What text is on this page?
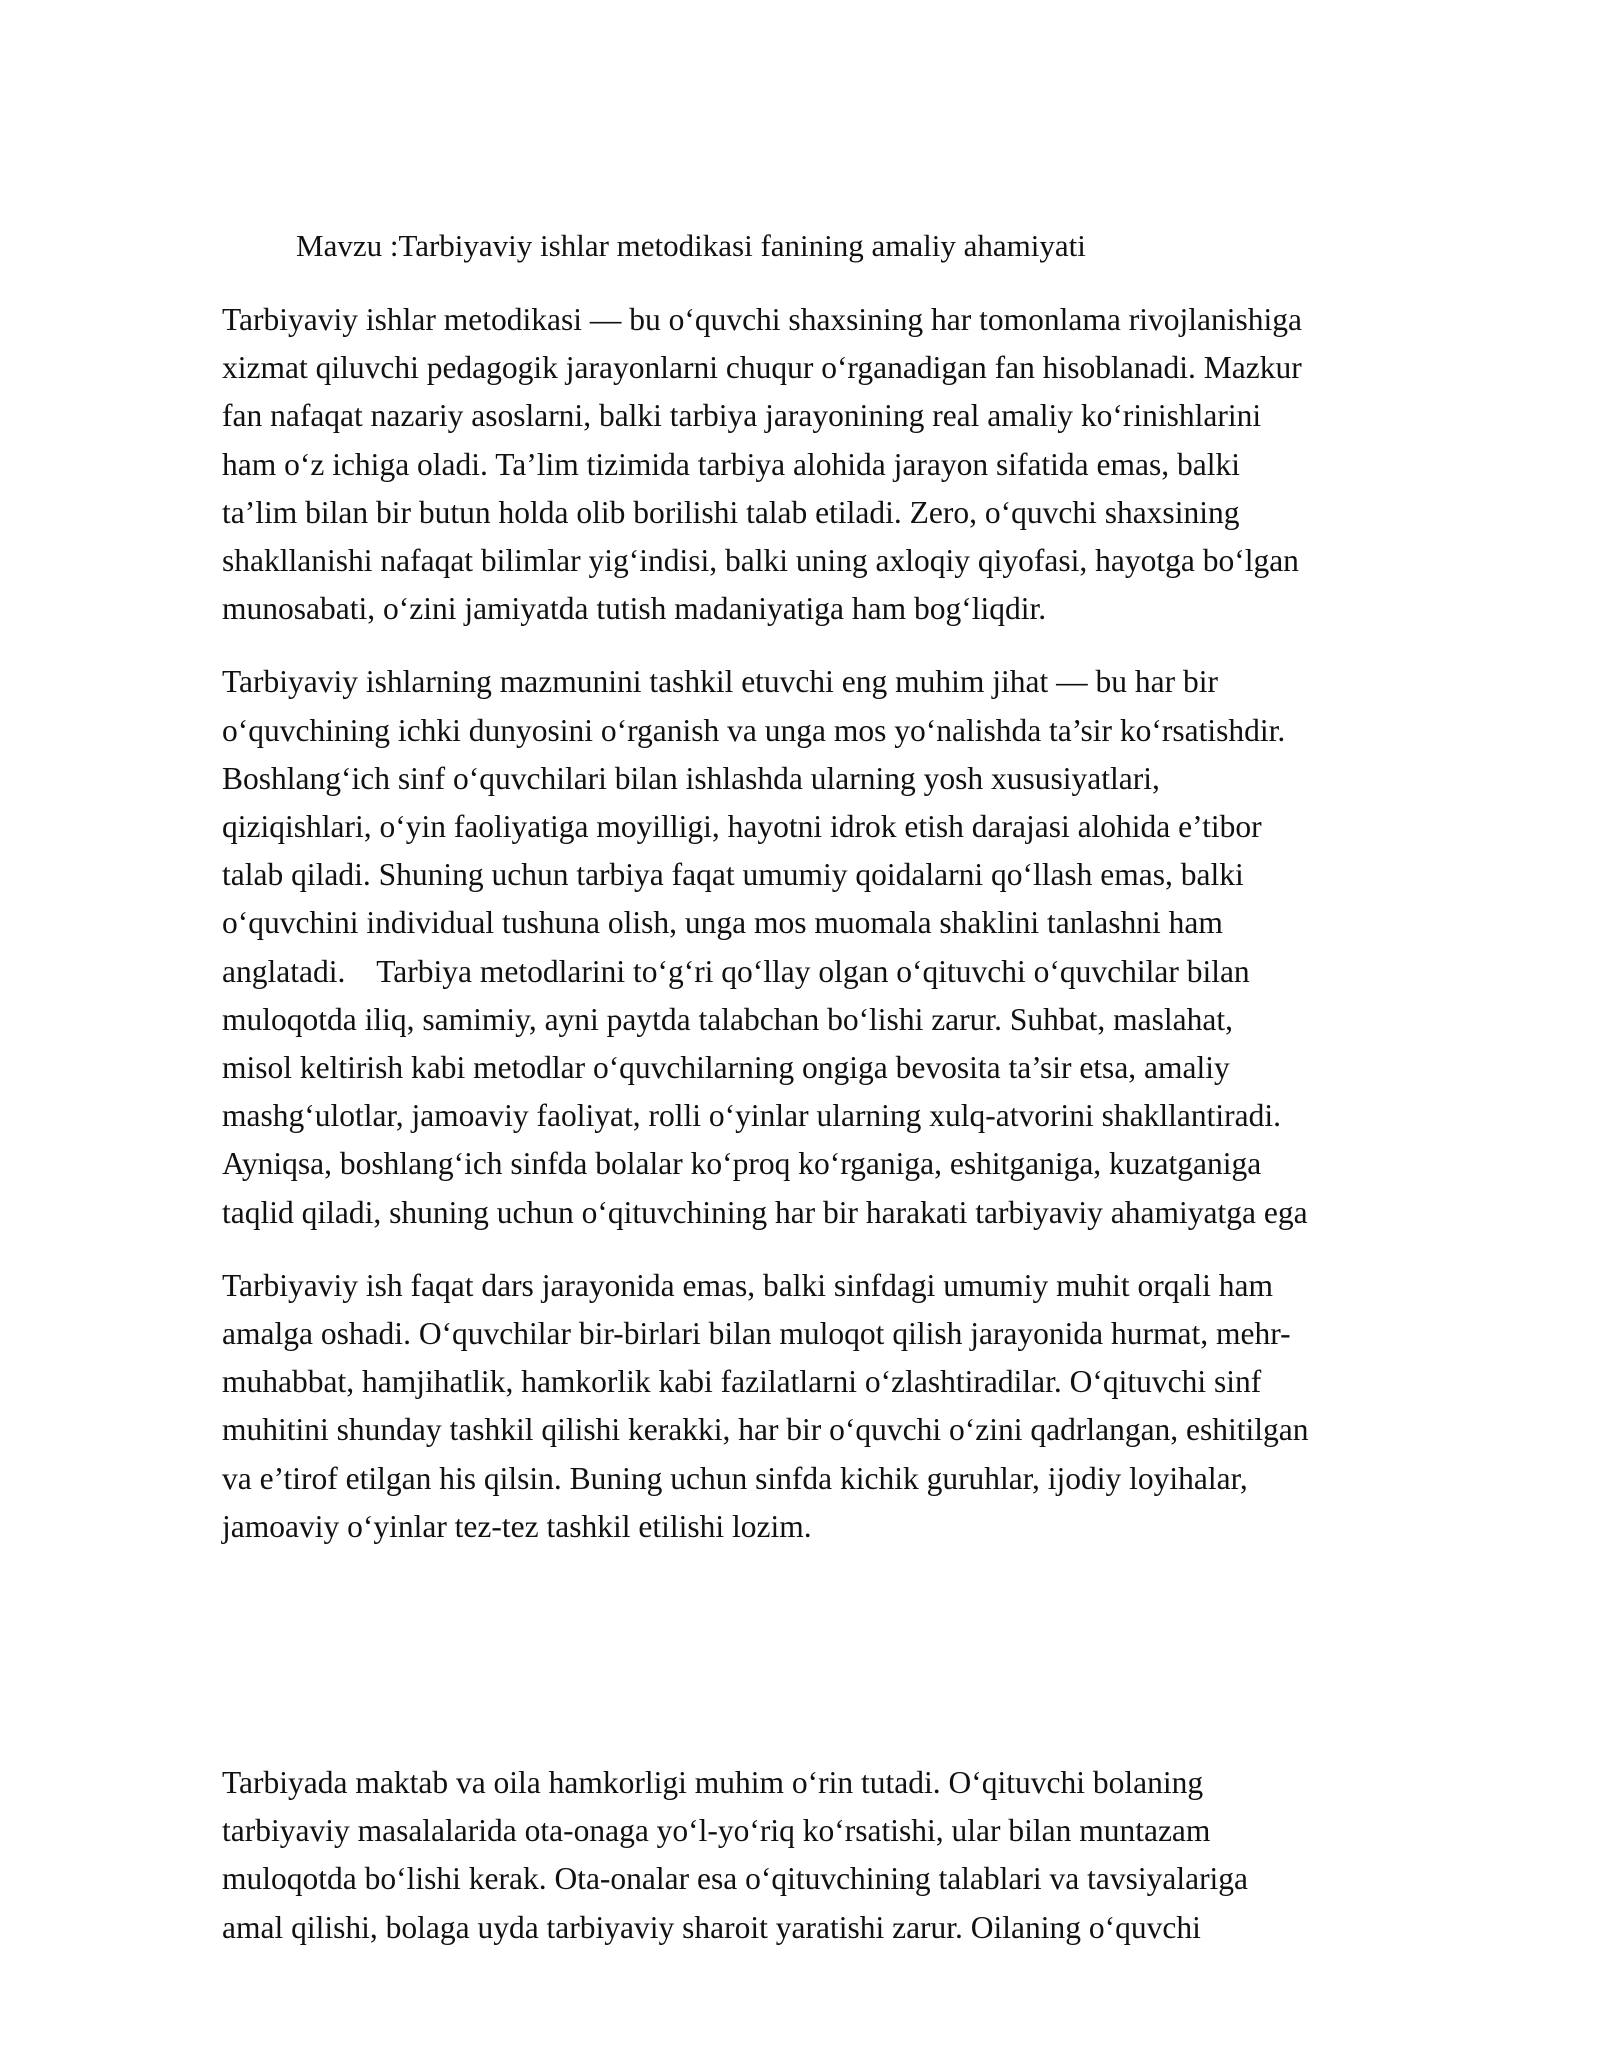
Mavzu :Tarbiyaviy ishlar metodikasi fanining amaliy ahamiyati
Tarbiyaviy ishlar metodikasi — bu o‘quvchi shaxsining har tomonlama rivojlanishiga
xizmat qiluvchi pedagogik jarayonlarni chuqur o‘rganadigan fan hisoblanadi. Mazkur
fan nafaqat nazariy asoslarni, balki tarbiya jarayonining real amaliy ko‘rinishlarini
ham o‘z ichiga oladi. Ta’lim tizimida tarbiya alohida jarayon sifatida emas, balki
ta’lim bilan bir butun holda olib borilishi talab etiladi. Zero, o‘quvchi shaxsining
shakllanishi nafaqat bilimlar yig‘indisi, balki uning axloqiy qiyofasi, hayotga bo‘lgan
munosabati, o‘zini jamiyatda tutish madaniyatiga ham bog‘liqdir.
Tarbiyaviy ishlarning mazmunini tashkil etuvchi eng muhim jihat — bu har bir
o‘quvchining ichki dunyosini o‘rganish va unga mos yo‘nalishda ta’sir ko‘rsatishdir.
Boshlang‘ich sinf o‘quvchilari bilan ishlashda ularning yosh xususiyatlari,
qiziqishlari, o‘yin faoliyatiga moyilligi, hayotni idrok etish darajasi alohida e’tibor
talab qiladi. Shuning uchun tarbiya faqat umumiy qoidalarni qo‘llash emas, balki
o‘quvchini individual tushuna olish, unga mos muomala shaklini tanlashni ham
anglatadi.    Tarbiya metodlarini to‘g‘ri qo‘llay olgan o‘qituvchi o‘quvchilar bilan
muloqotda iliq, samimiy, ayni paytda talabchan bo‘lishi zarur. Suhbat, maslahat,
misol keltirish kabi metodlar o‘quvchilarning ongiga bevosita ta’sir etsa, amaliy
mashg‘ulotlar, jamoaviy faoliyat, rolli o‘yinlar ularning xulq-atvorini shakllantiradi.
Ayniqsa, boshlang‘ich sinfda bolalar ko‘proq ko‘rganiga, eshitganiga, kuzatganiga
taqlid qiladi, shuning uchun o‘qituvchining har bir harakati tarbiyaviy ahamiyatga ega
Tarbiyaviy ish faqat dars jarayonida emas, balki sinfdagi umumiy muhit orqali ham
amalga oshadi. O‘quvchilar bir-birlari bilan muloqot qilish jarayonida hurmat, mehr-
muhabbat, hamjihatlik, hamkorlik kabi fazilatlarni o‘zlashtiradilar. O‘qituvchi sinf
muhitini shunday tashkil qilishi kerakki, har bir o‘quvchi o‘zini qadrlangan, eshitilgan
va e’tirof etilgan his qilsin. Buning uchun sinfda kichik guruhlar, ijodiy loyihalar,
jamoaviy o‘yinlar tez-tez tashkil etilishi lozim.
Tarbiyada maktab va oila hamkorligi muhim o‘rin tutadi. O‘qituvchi bolaning
tarbiyaviy masalalarida ota-onaga yo‘l-yo‘riq ko‘rsatishi, ular bilan muntazam
muloqotda bo‘lishi kerak. Ota-onalar esa o‘qituvchining talablari va tavsiyalariga
amal qilishi, bolaga uyda tarbiyaviy sharoit yaratishi zarur. Oilaning o‘quvchi
